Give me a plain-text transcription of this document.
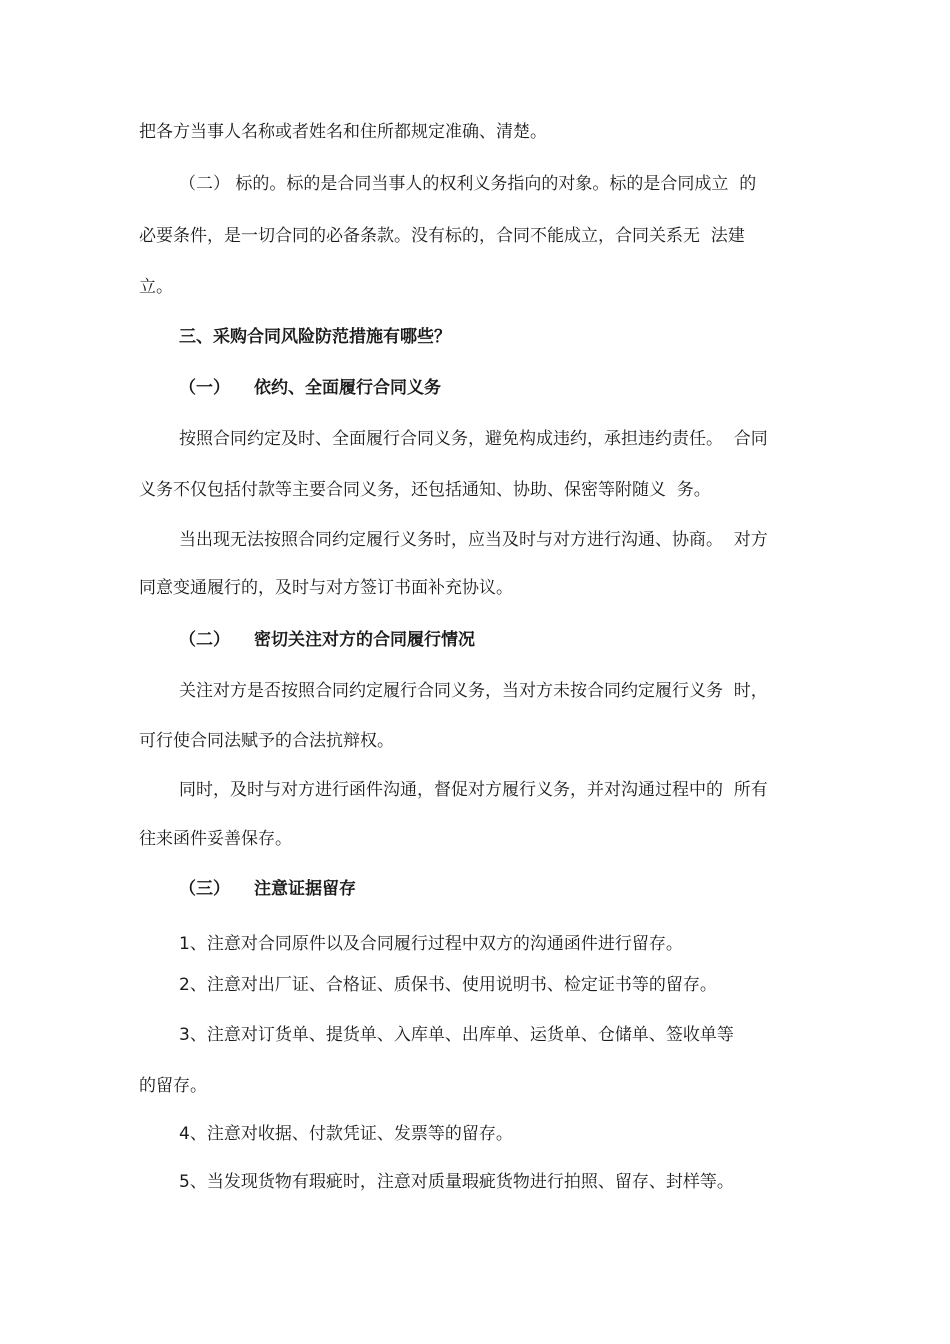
把各方当事人名称或者姓名和住所都规定准确、清楚。

（二） 标的。标的是合同当事人的权利义务指向的对象。标的是合同成立  的

必要条件，是一切合同的必备条款。没有标的，合同不能成立，合同关系无  法建

立。

三、采购合同风险防范措施有哪些？
（一） 依约、全面履行合同义务

按照合同约定及时、全面履行合同义务，避免构成违约，承担违约责任。  合同

义务不仅包括付款等主要合同义务，还包括通知、协助、保密等附随义  务。

当出现无法按照合同约定履行义务时，应当及时与对方进行沟通、协商。  对方

同意变通履行的，及时与对方签订书面补充协议。

（二） 密切关注对方的合同履行情况

关注对方是否按照合同约定履行合同义务，当对方未按合同约定履行义务  时，

可行使合同法赋予的合法抗辩权。

同时，及时与对方进行函件沟通，督促对方履行义务，并对沟通过程中的  所有

往来函件妥善保存。

（三） 注意证据留存

1、注意对合同原件以及合同履行过程中双方的沟通函件进行留存。

2、注意对出厂证、合格证、质保书、使用说明书、检定证书等的留存。

3、注意对订货单、提货单、入库单、出库单、运货单、仓储单、签收单等

的留存。

4、注意对收据、付款凭证、发票等的留存。

5、当发现货物有瑕疵时，注意对质量瑕疵货物进行拍照、留存、封样等。
